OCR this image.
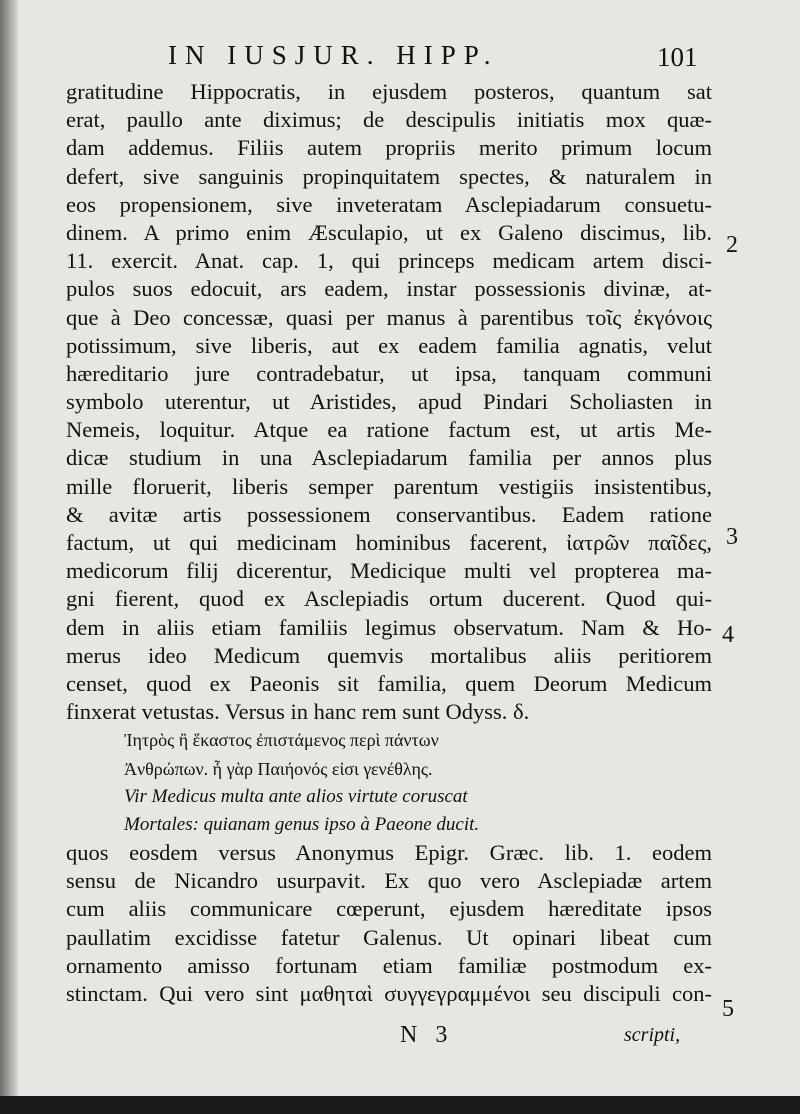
IN IUSJUR. HIPP.	101
gratitudine Hippocratis, in ejusdem posteros, quantum sat
erat, paullo ante diximus; de descipulis initiatis mox quæ-
dam addemus. Filiis autem propriis merito primum locum
defert, sive sanguinis propinquitatem spectes, & naturalem in
eos propensionem, sive inveteratam Asclepiadarum consuetu-
dinem. A primo enim Æsculapio, ut ex Galeno discimus, lib.
11. exercit. Anat. cap. 1, qui princeps medicam artem disci-
pulos suos edocuit, ars eadem, instar possessionis divinæ, at-
que à Deo concessæ, quasi per manus à parentibus τοῖς ἐκγόνοις
potissimum, sive liberis, aut ex eadem familia agnatis, velut
hæreditario jure contradebatur, ut ipsa, tanquam communi
symbolo uterentur, ut Aristides, apud Pindari Scholiasten in
Nemeis, loquitur. Atque ea ratione factum est, ut artis Me-
dicæ studium in una Asclepiadarum familia per annos plus
mille floruerit, liberis semper parentum vestigiis insistentibus,
& avitæ artis possessionem conservantibus. Eadem ratione
factum, ut qui medicinam hominibus facerent, ἰατρῶν παῖδες,
medicorum filij dicerentur, Medicique multi vel propterea ma-
gni fierent, quod ex Asclepiadis ortum ducerent. Quod qui-
dem in aliis etiam familiis legimus observatum. Nam & Ho-
merus ideo Medicum quemvis mortalibus aliis peritiorem
censet, quod ex Paeonis sit familia, quem Deorum Medicum
finxerat vetustas. Versus in hanc rem sunt Odyss. δ.
Ἰητρὸς ἢ ἕκαστος ἐπιστάμενος περὶ πάντων
Ἀνθρώπων. ἦ γὰρ Παιήονός εἰσι γενέθλης.
Vir Medicus multa ante alios virtute coruscat
Mortales: quianam genus ipso à Paeone ducit.
quos eosdem versus Anonymus Epigr. Græc. lib. 1. eodem
sensu de Nicandro usurpavit. Ex quo vero Asclepiadæ artem
cum aliis communicare cœperunt, ejusdem hæreditate ipsos
paullatim excidisse fatetur Galenus. Ut opinari libeat cum
ornamento amisso fortunam etiam familiæ postmodum ex-
stinctam. Qui vero sint μαθηταὶ συγγεγραμμένοι seu discipuli con-
2
3
4
5
N 3	scripti,
